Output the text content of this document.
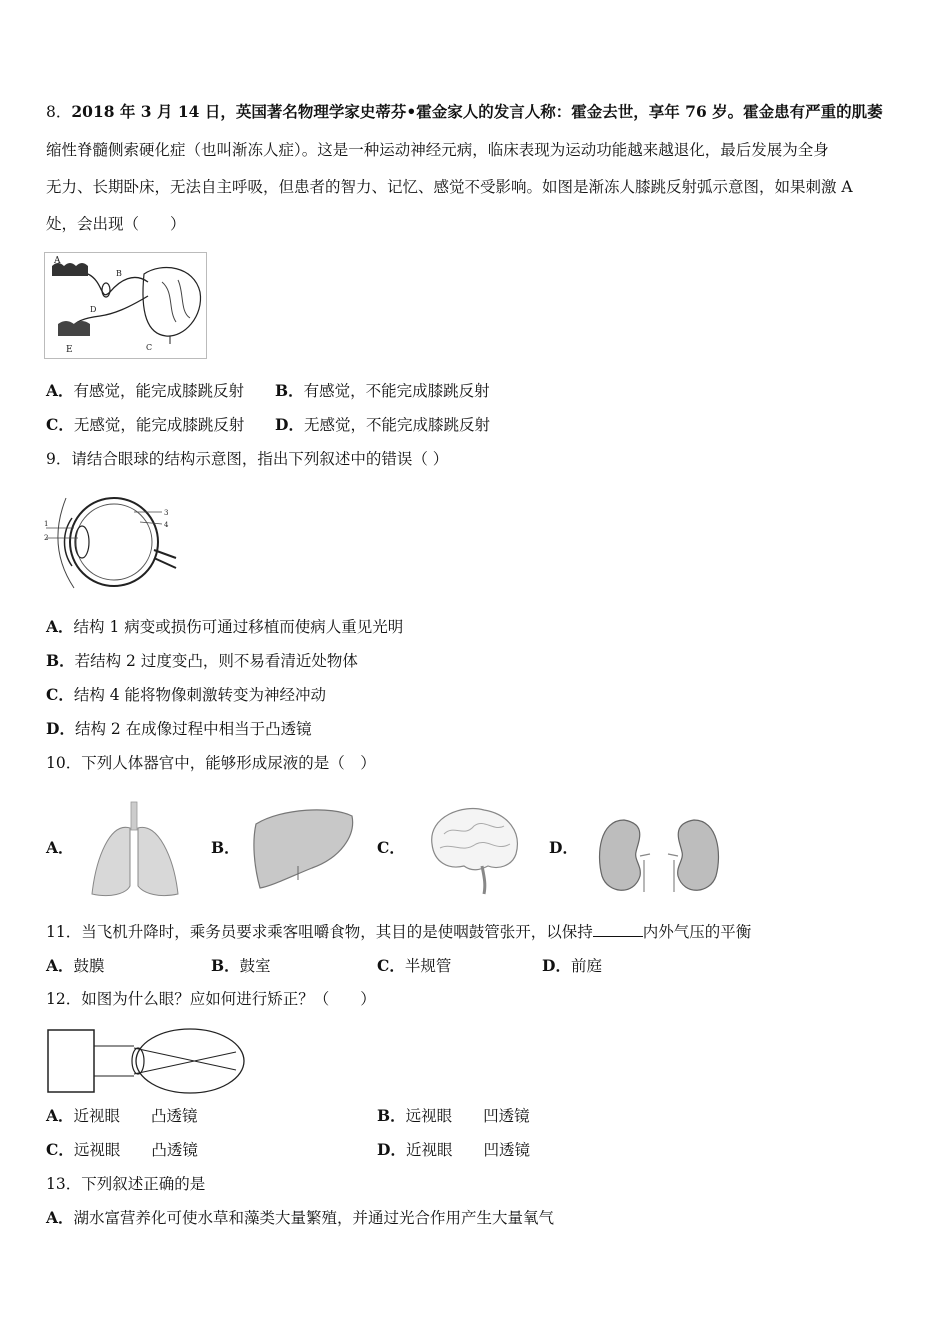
8．2018 年 3 月 14 日，英国著名物理学家史蒂芬•霍金家人的发言人称：霍金去世，享年 76 岁。霍金患有严重的肌萎
缩性脊髓侧索硬化症（也叫渐冻人症）。这是一种运动神经元病，临床表现为运动功能越来越退化，最后发展为全身
无力、长期卧床，无法自主呼吸，但患者的智力、记忆、感觉不受影响。如图是渐冻人膝跳反射弧示意图，如果刺激 A
处，会出现（　　）
A
B
C
D
E
A．有感觉，能完成膝跳反射 B．有感觉，不能完成膝跳反射
C．无感觉，能完成膝跳反射 D．无感觉，不能完成膝跳反射
9．请结合眼球的结构示意图，指出下列叙述中的错误（ ）
1
2
3
4
A．结构 1 病变或损伤可通过移植而使病人重见光明
B．若结构 2 过度变凸，则不易看清近处物体
C．结构 4 能将物像刺激转变为神经冲动
D．结构 2 在成像过程中相当于凸透镜
10．下列人体器官中，能够形成尿液的是（　）
A．	B．	C．	D．
11．当飞机升降时，乘务员要求乘客咀嚼食物，其目的是使咽鼓管张开，以保持	内外气压的平衡
A．鼓膜	B．鼓室	C．半规管	D．前庭
12．如图为什么眼？应如何进行矫正？（　　）
A．近视眼　　凸透镜	B．远视眼　　凹透镜
C．远视眼　　凸透镜	D．近视眼　　凹透镜
13．下列叙述正确的是
A．湖水富营养化可使水草和藻类大量繁殖，并通过光合作用产生大量氧气
